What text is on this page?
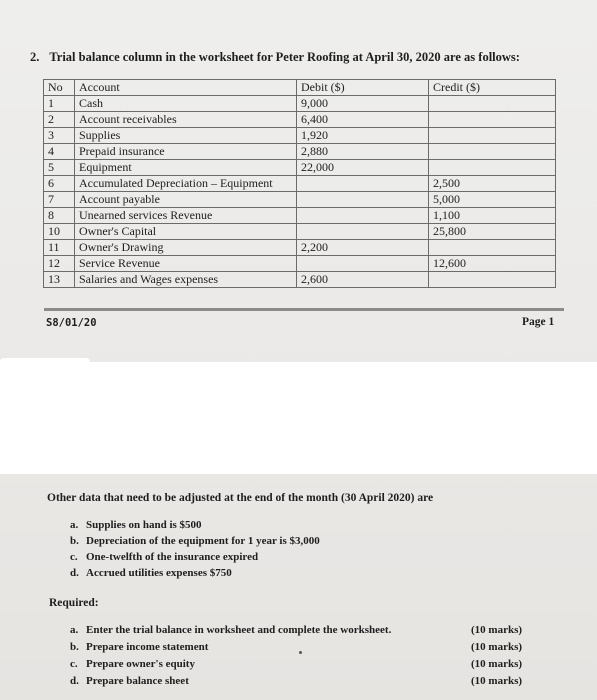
2. Trial balance column in the worksheet for Peter Roofing at April 30, 2020 are as follows:
No	Account	Debit ($)	Credit ($)
1	Cash	9,000	
2	Account receivables	6,400	
3	Supplies	1,920	
4	Prepaid insurance	2,880	
5	Equipment	22,000	
6	Accumulated Depreciation – Equipment		2,500
7	Account payable		5,000
8	Unearned services Revenue		1,100
10	Owner's Capital		25,800
11	Owner's Drawing	2,200	
12	Service Revenue		12,600
13	Salaries and Wages expenses	2,600	
S8/01/20	Page 1
Other data that need to be adjusted at the end of the month (30 April 2020) are
a. Supplies on hand is $500
b. Depreciation of the equipment for 1 year is $3,000
c. One-twelfth of the insurance expired
d. Accrued utilities expenses $750
Required:
a. Enter the trial balance in worksheet and complete the worksheet.
b. Prepare income statement
c. Prepare owner's equity
d. Prepare balance sheet
(10 marks)
(10 marks)
(10 marks)
(10 marks)
